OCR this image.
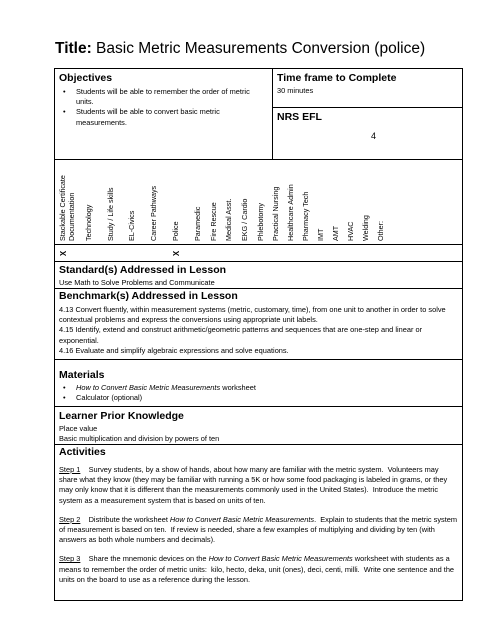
Title: Basic Metric Measurements Conversion (police)
Objectives
• Students will be able to remember the order of metric units.
• Students will be able to convert basic metric measurements.
Time frame to Complete
30 minutes
NRS EFL
4
Stackable Certificate Documentation
X
Technology Study / Life skills EL-Civics Career Pathways Police
X
Paramedic Fire Rescue Medical Asst. EKG / Cardio Phlebotomy Practical Nursing Healthcare Admin Pharmacy Tech IMT AMT HVAC Welding Other:
Standard(s) Addressed in Lesson
Use Math to Solve Problems and Communicate
Benchmark(s) Addressed in Lesson
4.13 Convert fluently, within measurement systems (metric, customary, time), from one unit to another in order to solve contextual problems and express the conversions using appropriate unit labels.
4.15 Identify, extend and construct arithmetic/geometric patterns and sequences that are one-step and linear or exponential.
4.16 Evaluate and simplify algebraic expressions and solve equations.
Materials
• How to Convert Basic Metric Measurements worksheet
• Calculator (optional)
Learner Prior Knowledge
Place value
Basic multiplication and division by powers of ten
Activities

Step 1    Survey students, by a show of hands, about how many are familiar with the metric system.  Volunteers may share what they know (they may be familiar with running a 5K or how some food packaging is labeled in grams, or they may only know that it is different than the measurements commonly used in the United States).  Introduce the metric system as a measurement system that is based on units of ten.

Step 2    Distribute the worksheet How to Convert Basic Metric Measurements.  Explain to students that the metric system of measurement is based on ten.  If review is needed, share a few examples of multiplying and dividing by ten (with answers as both whole numbers and decimals).

Step 3    Share the mnemonic devices on the How to Convert Basic Metric Measurements worksheet with students as a means to remember the order of metric units:  kilo, hecto, deka, unit (ones), deci, centi, milli.  Write one sentence and the units on the board to use as a reference during the lesson.
